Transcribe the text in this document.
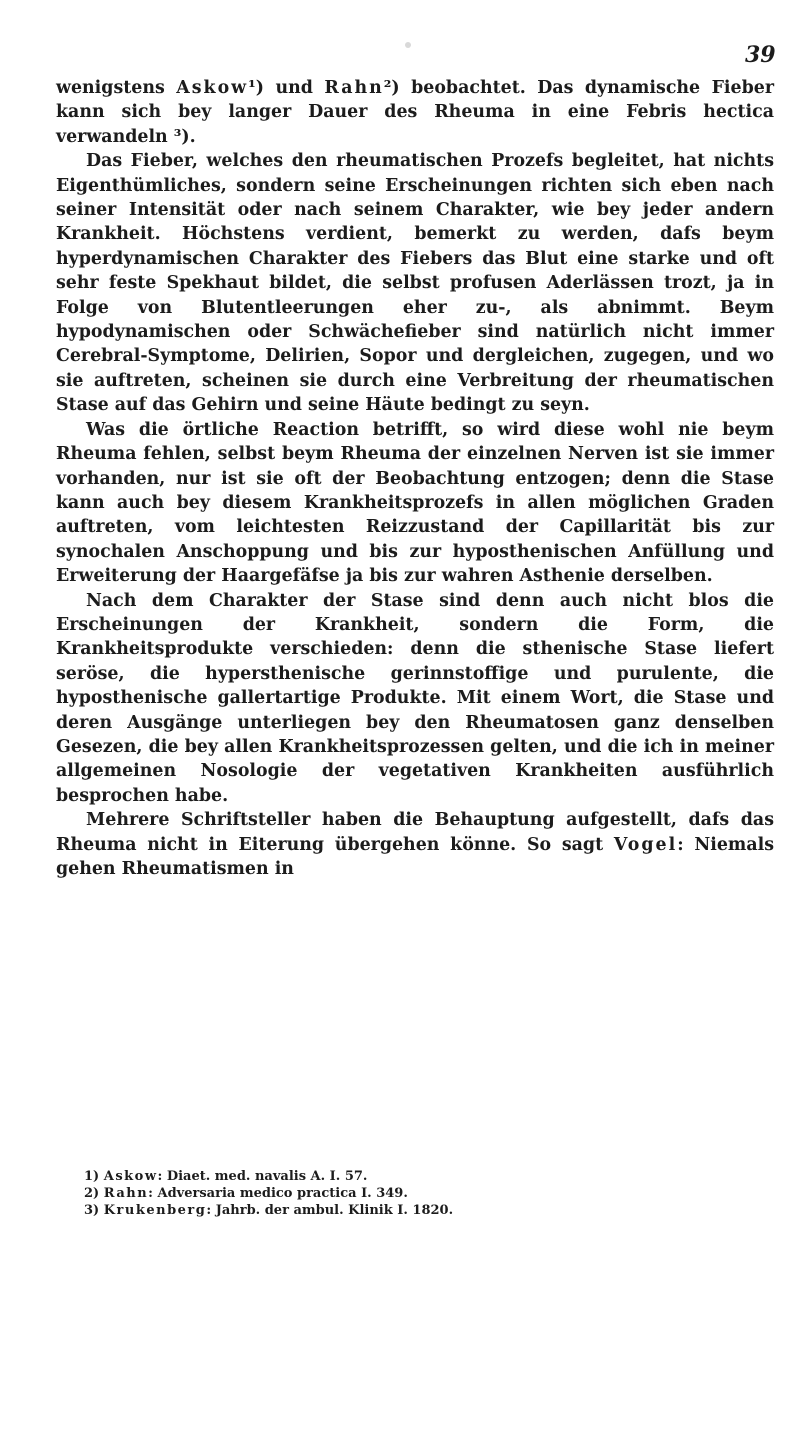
39

wenigstens Askow¹) und Rahn²) beobachtet. Das dynamische Fieber kann sich bey langer Dauer des Rheuma in eine Febris hectica verwandeln ³).

Das Fieber, welches den rheumatischen Prozefs begleitet, hat nichts Eigenthümliches, sondern seine Erscheinungen richten sich eben nach seiner Intensität oder nach seinem Charakter, wie bey jeder andern Krankheit. Höchstens verdient, bemerkt zu werden, dafs beym hyperdynamischen Charakter des Fiebers das Blut eine starke und oft sehr feste Spekhaut bildet, die selbst profusen Aderlässen trozt, ja in Folge von Blutentleerungen eher zu-, als abnimmt. Beym hypodynamischen oder Schwächefieber sind natürlich nicht immer Cerebral-Symptome, Delirien, Sopor und dergleichen, zugegen, und wo sie auftreten, scheinen sie durch eine Verbreitung der rheumatischen Stase auf das Gehirn und seine Häute bedingt zu seyn.

Was die örtliche Reaction betrifft, so wird diese wohl nie beym Rheuma fehlen, selbst beym Rheuma der einzelnen Nerven ist sie immer vorhanden, nur ist sie oft der Beobachtung entzogen; denn die Stase kann auch bey diesem Krankheitsprozefs in allen möglichen Graden auftreten, vom leichtesten Reizzustand der Capillarität bis zur synochalen Anschoppung und bis zur hyposthenischen Anfüllung und Erweiterung der Haargefäfse ja bis zur wahren Asthenie derselben.

Nach dem Charakter der Stase sind denn auch nicht blos die Erscheinungen der Krankheit, sondern die Form, die Krankheitsprodukte verschieden: denn die sthenische Stase liefert seröse, die hypersthenische gerinnstoffige und purulente, die hyposthenische gallertartige Produkte. Mit einem Wort, die Stase und deren Ausgänge unterliegen bey den Rheumatosen ganz denselben Gesezen, die bey allen Krankheitsprozessen gelten, und die ich in meiner allgemeinen Nosologie der vegetativen Krankheiten ausführlich besprochen habe.

Mehrere Schriftsteller haben die Behauptung aufgestellt, dafs das Rheuma nicht in Eiterung übergehen könne. So sagt Vogel: Niemals gehen Rheumatismen in

1) Askow: Diaet. med. navalis A. I. 57.
2) Rahn: Adversaria medico practica I. 349.
3) Krukenberg: Jahrb. der ambul. Klinik I. 1820.
